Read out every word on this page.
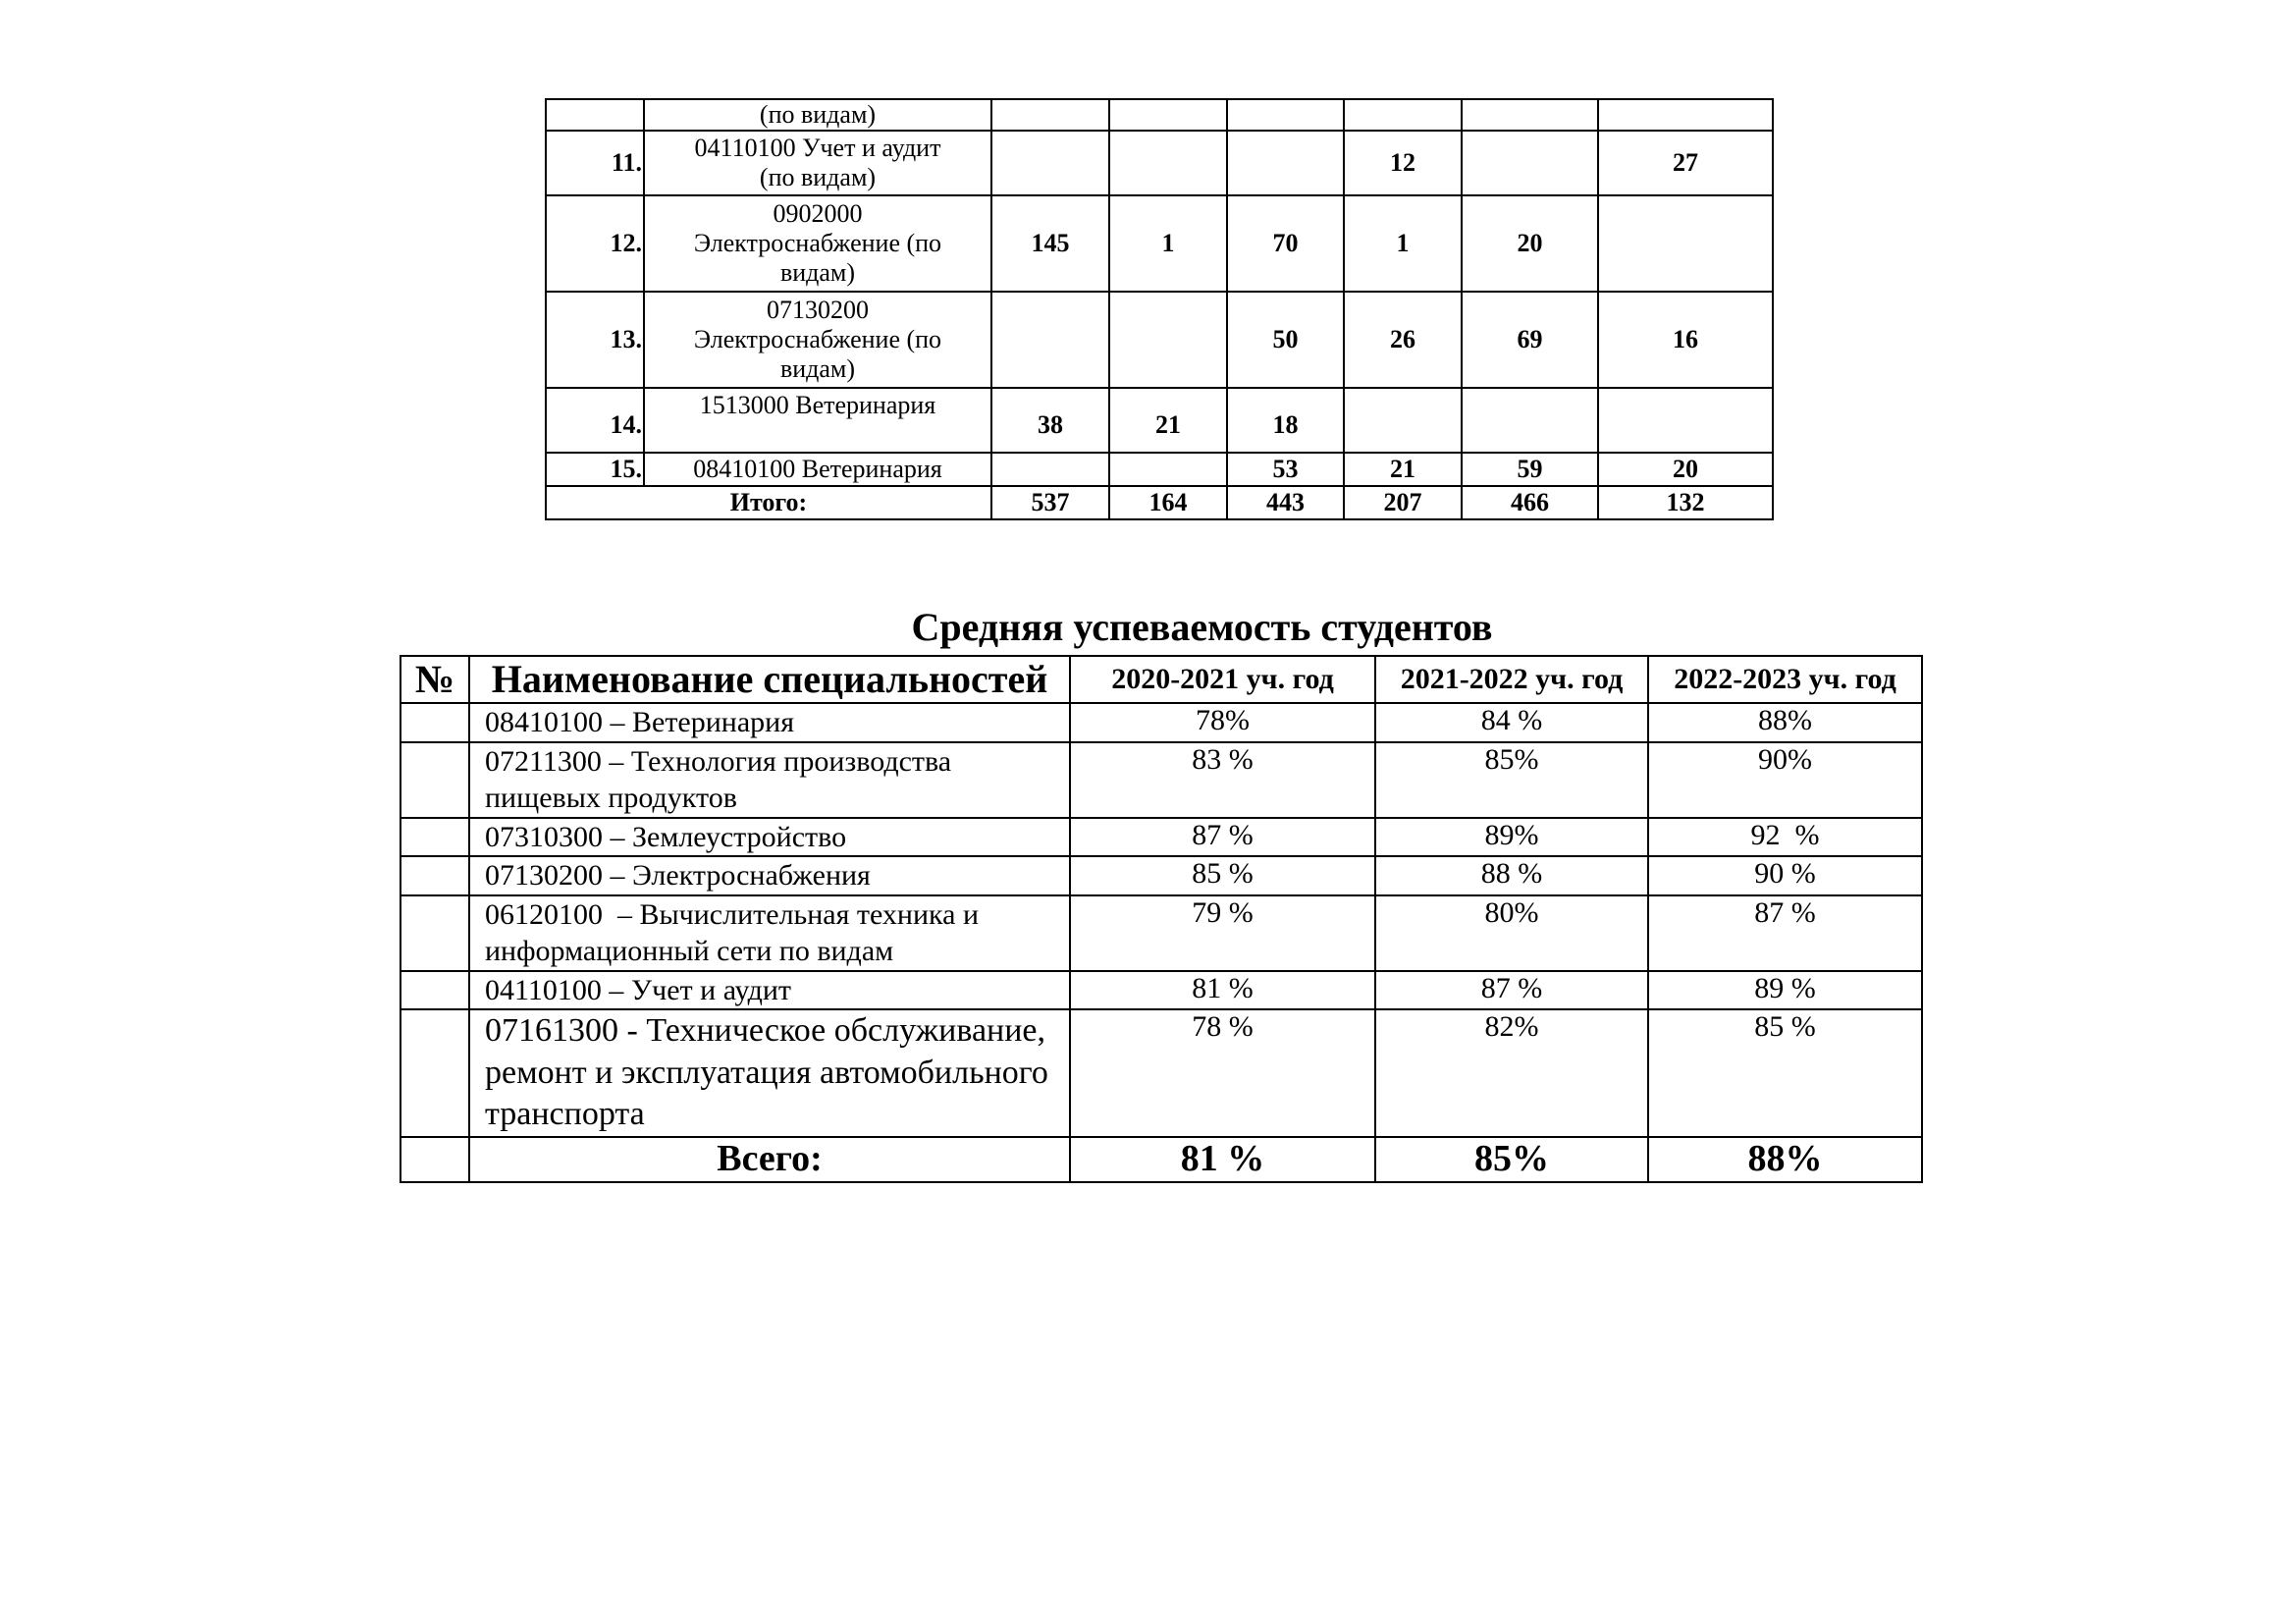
	(по видам)						
11.	04110100 Учет и аудит
(по видам)				12		27
12.	0902000
Электроснабжение (по
видам)	145	1	70	1	20	
13.	07130200
Электроснабжение (по
видам)			50	26	69	16
14.	1513000 Ветеринария	38	21	18			
15.	08410100 Ветеринария			53	21	59	20
Итого:		537	164	443	207	466	132
Средняя успеваемость студентов
№	Наименование специальностей	2020-2021 уч. год	2021-2022 уч. год	2022-2023 уч. год

	08410100 – Ветеринария	78%	84 %	88%

	07211300 – Технология производства
пищевых продуктов	83 %	85%	90%

	07310300 – Землеустройство	87 %	89%	92  %

	07130200 – Электроснабжения	85 %	88 %	90 %

	06120100  – Вычислительная техника и
информационный сети по видам	79 %	80%	87 %

	04110100 – Учет и аудит	81 %	87 %	89 %

	07161300 - Техническое обслуживание,
ремонт и эксплуатация автомобильного
транспорта	78 %	82%	85 %
	Всего:	81 %	85%	88%
